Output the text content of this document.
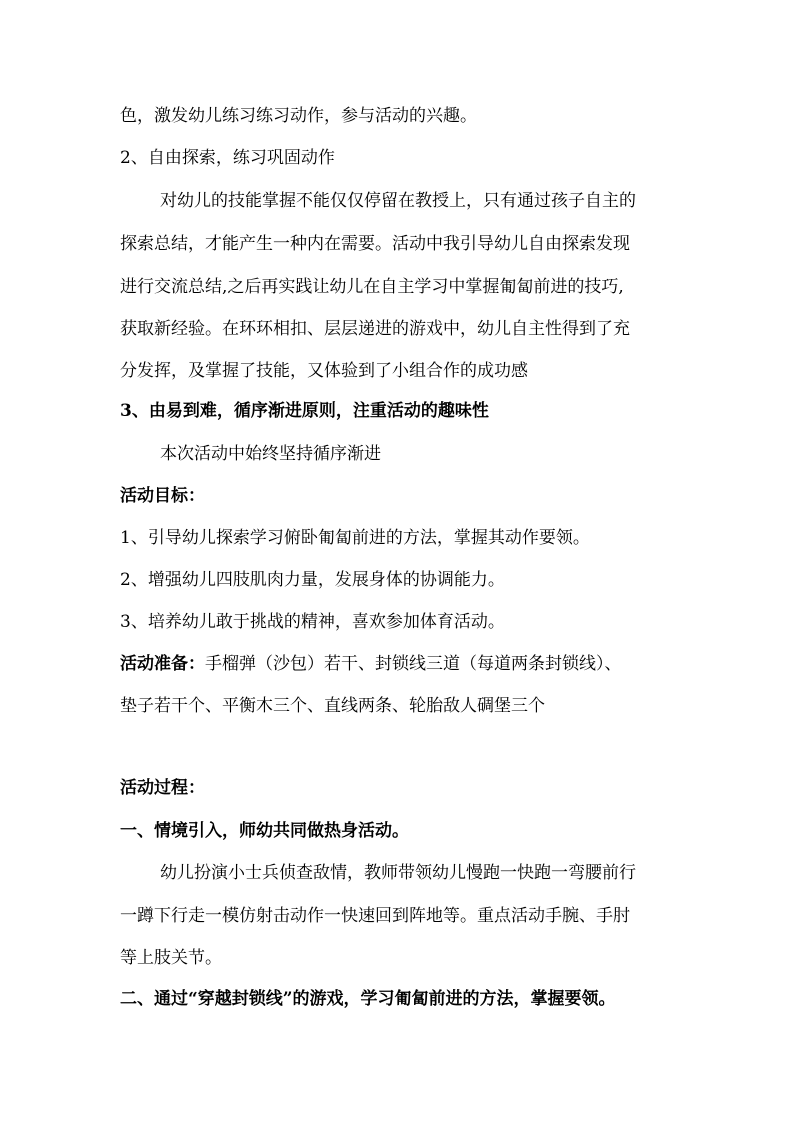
色，激发幼儿练习练习动作，参与活动的兴趣。
2、自由探索，练习巩固动作
对幼儿的技能掌握不能仅仅停留在教授上，只有通过孩子自主的
探索总结，才能产生一种内在需要。活动中我引导幼儿自由探索发现
进行交流总结,之后再实践让幼儿在自主学习中掌握匍匐前进的技巧,
获取新经验。在环环相扣、层层递进的游戏中，幼儿自主性得到了充
分发挥，及掌握了技能，又体验到了小组合作的成功感
3、由易到难，循序渐进原则，注重活动的趣味性
本次活动中始终坚持循序渐进
活动目标：
1、引导幼儿探索学习俯卧匍匐前进的方法，掌握其动作要领。
2、增强幼儿四肢肌肉力量，发展身体的协调能力。
3、培养幼儿敢于挑战的精神，喜欢参加体育活动。
活动准备：手榴弹（沙包）若干、封锁线三道（每道两条封锁线）、
垫子若干个、平衡木三个、直线两条、轮胎敌人碉堡三个
活动过程：
一、情境引入，师幼共同做热身活动。
幼儿扮演小士兵侦查敌情，教师带领幼儿慢跑一快跑一弯腰前行
一蹲下行走一模仿射击动作一快速回到阵地等。重点活动手腕、手肘
等上肢关节。
二、通过“穿越封锁线”的游戏，学习匍匐前进的方法，掌握要领。
